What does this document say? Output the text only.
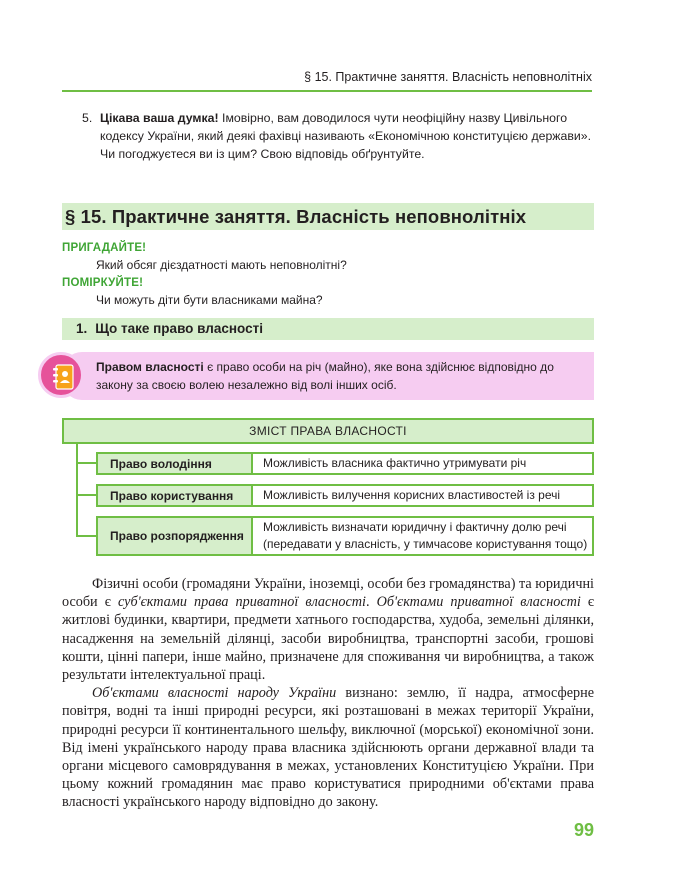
§ 15. Практичне заняття. Власність неповнолітніх
5. Цікава ваша думка! Імовірно, вам доводилося чути неофіційну назву Цивільного кодексу України, який деякі фахівці називають «Економічною конституцією держави». Чи погоджуєтеся ви із цим? Свою відповідь обґрунтуйте.
§ 15. Практичне заняття. Власність неповнолітніх
ПРИГАДАЙТЕ!
Який обсяг дієздатності мають неповнолітні?
ПОМІРКУЙТЕ!
Чи можуть діти бути власниками майна?
1. Що таке право власності
Правом власності є право особи на річ (майно), яке вона здійснює відповідно до закону за своєю волею незалежно від волі інших осіб.
ЗМІСТ ПРАВА ВЛАСНОСТІ
Право володіння	Можливість власника фактично утримувати річ
Право користування	Можливість вилучення корисних властивостей із речі
Право розпорядження
Можливість визначати юридичну і фактичну долю речі (передавати у власність, у тимчасове користування тощо)

Фізичні особи (громадяни України, іноземці, особи без громадянства) та юридичні особи є суб'єктами права приватної власності. Об'єктами приватної власності є житлові будинки, квартири, предмети хатнього господарства, худоба, земельні ділянки, насадження на земельній ділянці, засоби виробництва, транспортні засоби, грошові кошти, цінні папери, інше майно, призначене для споживання чи виробництва, а також результати інтелектуальної праці.

Об'єктами власності народу України визнано: землю, її надра, атмосферне повітря, водні та інші природні ресурси, які розташовані в межах території України, природні ресурси її континентального шельфу, виключної (морської) економічної зони. Від імені українського народу права власника здійснюють органи державної влади та органи місцевого самоврядування в межах, установлених Конституцією України. При цьому кожний громадянин має право користуватися природними об'єктами права власності українського народу відповідно до закону.

99
